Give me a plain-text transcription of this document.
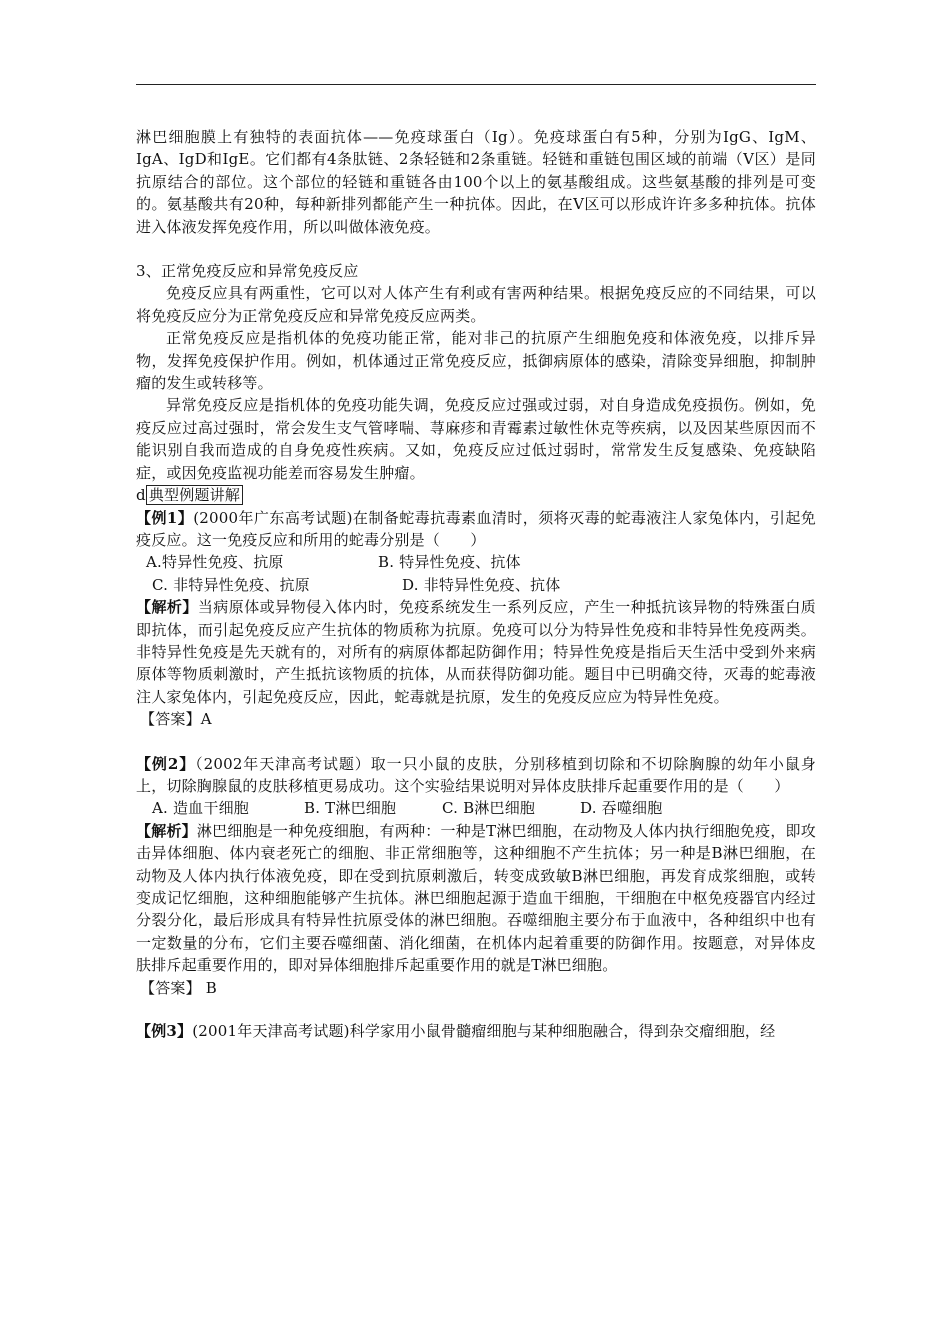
淋巴细胞膜上有独特的表面抗体——免疫球蛋白（Ig）。免疫球蛋白有5种，分别为IgG、IgM、IgA、IgD和IgE。它们都有4条肽链、2条轻链和2条重链。轻链和重链包围区域的前端（Ⅴ区）是同抗原结合的部位。这个部位的轻链和重链各由100个以上的氨基酸组成。这些氨基酸的排列是可变的。氨基酸共有20种，每种新排列都能产生一种抗体。因此，在Ⅴ区可以形成许许多多种抗体。抗体进入体液发挥免疫作用，所以叫做体液免疫。

3、正常免疫反应和异常免疫反应

免疫反应具有两重性，它可以对人体产生有利或有害两种结果。根据免疫反应的不同结果，可以将免疫反应分为正常免疫反应和异常免疫反应两类。

正常免疫反应是指机体的免疫功能正常，能对非己的抗原产生细胞免疫和体液免疫，以排斥异物，发挥免疫保护作用。例如，机体通过正常免疫反应，抵御病原体的感染，清除变异细胞，抑制肿瘤的发生或转移等。

异常免疫反应是指机体的免疫功能失调，免疫反应过强或过弱，对自身造成免疫损伤。例如，免疫反应过高过强时，常会发生支气管哮喘、荨麻疹和青霉素过敏性休克等疾病，以及因某些原因而不能识别自我而造成的自身免疫性疾病。又如，免疫反应过低过弱时，常常发生反复感染、免疫缺陷症，或因免疫监视功能差而容易发生肿瘤。

d 典型例题讲解

【例1】(2000年广东高考试题)在制备蛇毒抗毒素血清时，须将灭毒的蛇毒液注人家兔体内，引起免疫反应。这一免疫反应和所用的蛇毒分别是（　　）

A.特异性免疫、抗原	B. 特异性免疫、抗体

C. 非特异性免疫、抗原	D. 非特异性免疫、抗体

【解析】当病原体或异物侵入体内时，免疫系统发生一系列反应，产生一种抵抗该异物的特殊蛋白质即抗体，而引起免疫反应产生抗体的物质称为抗原。免疫可以分为特异性免疫和非特异性免疫两类。非特异性免疫是先天就有的，对所有的病原体都起防御作用；特异性免疫是指后天生活中受到外来病原体等物质刺激时，产生抵抗该物质的抗体，从而获得防御功能。题目中已明确交待，灭毒的蛇毒液注人家兔体内，引起免疫反应，因此，蛇毒就是抗原，发生的免疫反应应为特异性免疫。

【答案】A

【例2】（2002年天津高考试题）取一只小鼠的皮肤，分别移植到切除和不切除胸腺的幼年小鼠身上，切除胸腺鼠的皮肤移植更易成功。这个实验结果说明对异体皮肤排斥起重要作用的是（　　）

A. 造血干细胞	B. T淋巴细胞	C. B淋巴细胞	D. 吞噬细胞

【解析】淋巴细胞是一种免疫细胞，有两种：一种是T淋巴细胞，在动物及人体内执行细胞免疫，即攻击异体细胞、体内衰老死亡的细胞、非正常细胞等，这种细胞不产生抗体；另一种是B淋巴细胞，在动物及人体内执行体液免疫，即在受到抗原刺激后，转变成致敏B淋巴细胞，再发育成浆细胞，或转变成记忆细胞，这种细胞能够产生抗体。淋巴细胞起源于造血干细胞，干细胞在中枢免疫器官内经过分裂分化，最后形成具有特异性抗原受体的淋巴细胞。吞噬细胞主要分布于血液中，各种组织中也有一定数量的分布，它们主要吞噬细菌、消化细菌，在机体内起着重要的防御作用。按题意，对异体皮肤排斥起重要作用的，即对异体细胞排斥起重要作用的就是T淋巴细胞。

【答案】 B

【例3】(2001年天津高考试题)科学家用小鼠骨髓瘤细胞与某种细胞融合，得到杂交瘤细胞，经
